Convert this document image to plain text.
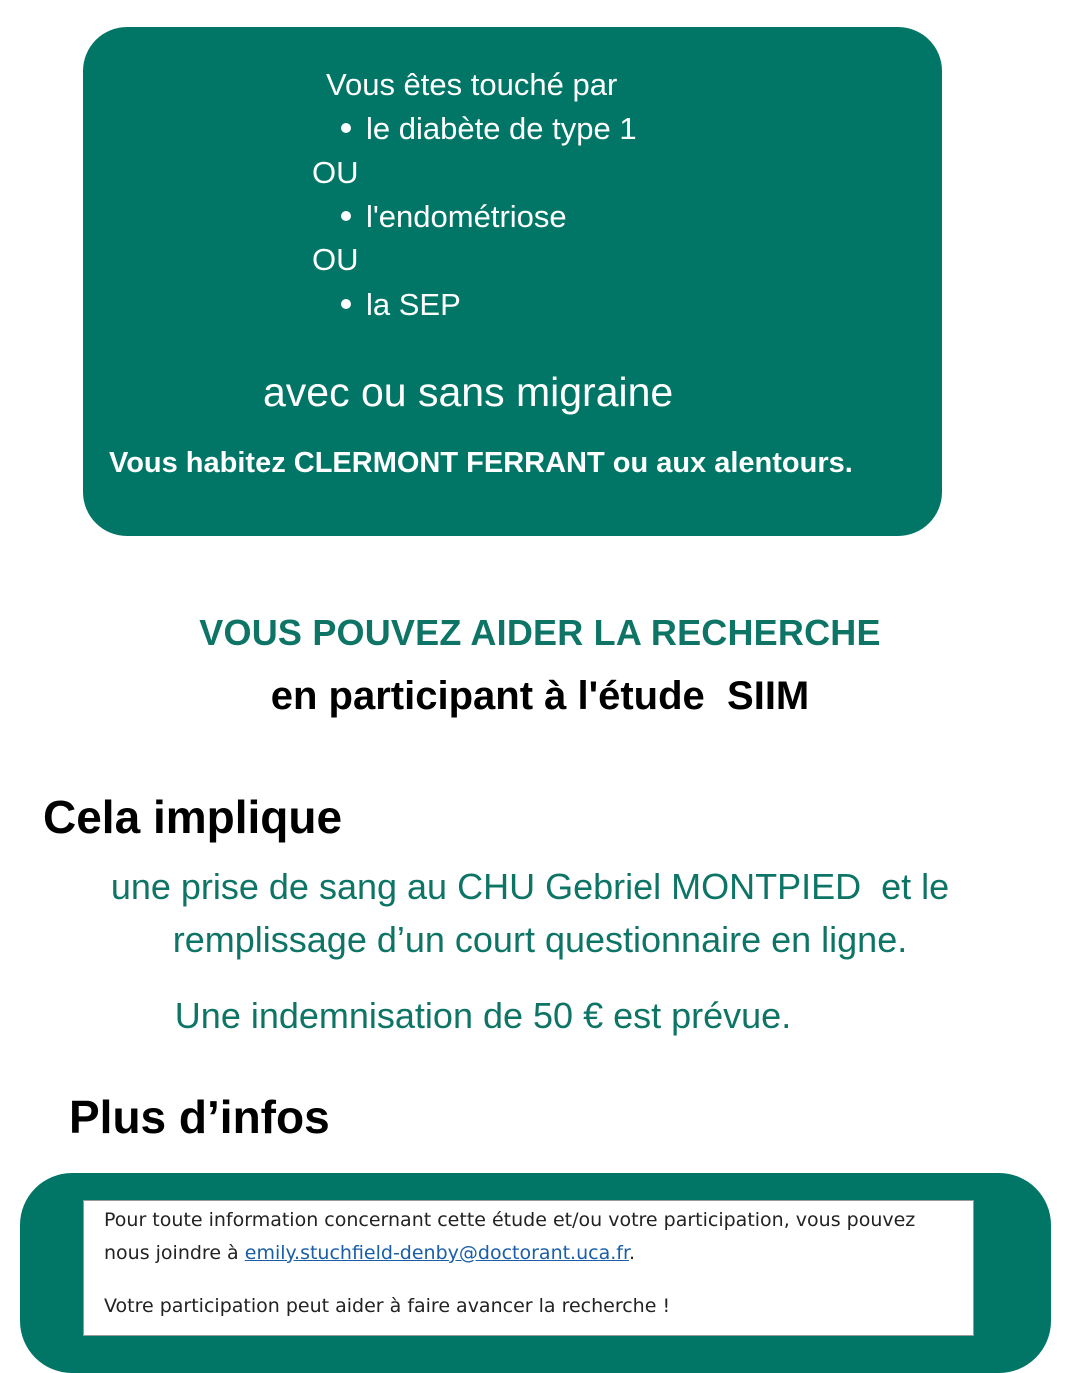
Vous êtes touché par
le diabète de type 1
OU
l'endométriose
OU
la SEP
avec ou sans migraine
Vous habitez CLERMONT FERRANT ou aux alentours.
VOUS POUVEZ AIDER LA RECHERCHE
en participant à l'étude  SIIM
Cela implique
une prise de sang au CHU Gebriel MONTPIED  et le
remplissage d’un court questionnaire en ligne.
Une indemnisation de 50 € est prévue.
Plus d’infos
Pour toute information concernant cette étude et/ou votre participation, vous pouvez
nous joindre à emily.stuchfield-denby@doctorant.uca.fr.
Votre participation peut aider à faire avancer la recherche !
